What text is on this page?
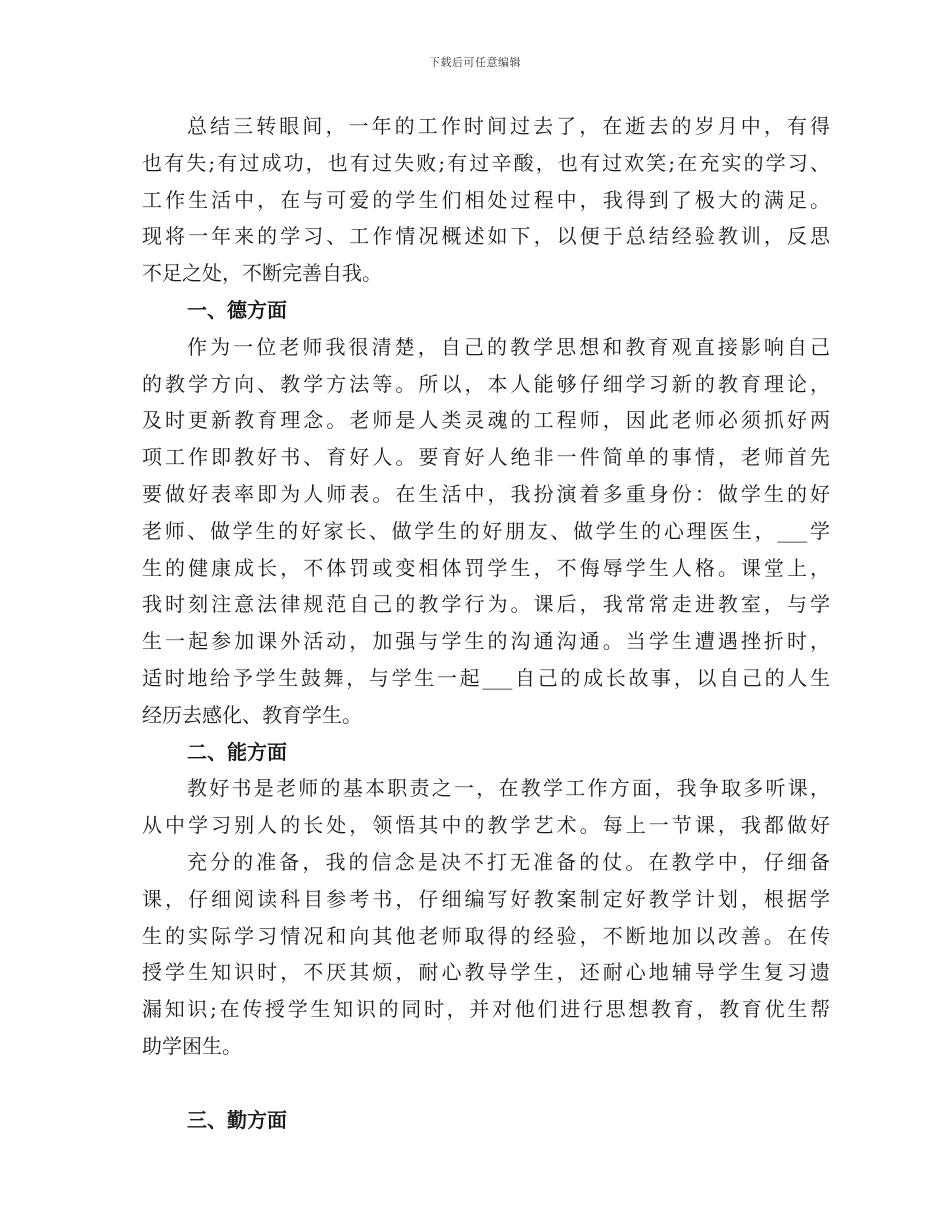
下载后可任意编辑
总结三转眼间，一年的工作时间过去了，在逝去的岁月中，有得
也有失;有过成功，也有过失败;有过辛酸，也有过欢笑;在充实的学习、
工作生活中，在与可爱的学生们相处过程中，我得到了极大的满足。
现将一年来的学习、工作情况概述如下，以便于总结经验教训，反思
不足之处，不断完善自我。
一、德方面
作为一位老师我很清楚，自己的教学思想和教育观直接影响自己
的教学方向、教学方法等。所以，本人能够仔细学习新的教育理论，
及时更新教育理念。老师是人类灵魂的工程师，因此老师必须抓好两
项工作即教好书、育好人。要育好人绝非一件简单的事情，老师首先
要做好表率即为人师表。在生活中，我扮演着多重身份：做学生的好
老师、做学生的好家长、做学生的好朋友、做学生的心理医生，___学
生的健康成长，不体罚或变相体罚学生，不侮辱学生人格。课堂上，
我时刻注意法律规范自己的教学行为。课后，我常常走进教室，与学
生一起参加课外活动，加强与学生的沟通沟通。当学生遭遇挫折时，
适时地给予学生鼓舞，与学生一起___自己的成长故事，以自己的人生
经历去感化、教育学生。
二、能方面
教好书是老师的基本职责之一，在教学工作方面，我争取多听课，
从中学习别人的长处，领悟其中的教学艺术。每上一节课，我都做好
充分的准备，我的信念是决不打无准备的仗。在教学中，仔细备
课，仔细阅读科目参考书，仔细编写好教案制定好教学计划，根据学
生的实际学习情况和向其他老师取得的经验，不断地加以改善。在传
授学生知识时，不厌其烦，耐心教导学生，还耐心地辅导学生复习遗
漏知识;在传授学生知识的同时，并对他们进行思想教育，教育优生帮
助学困生。
三、勤方面
